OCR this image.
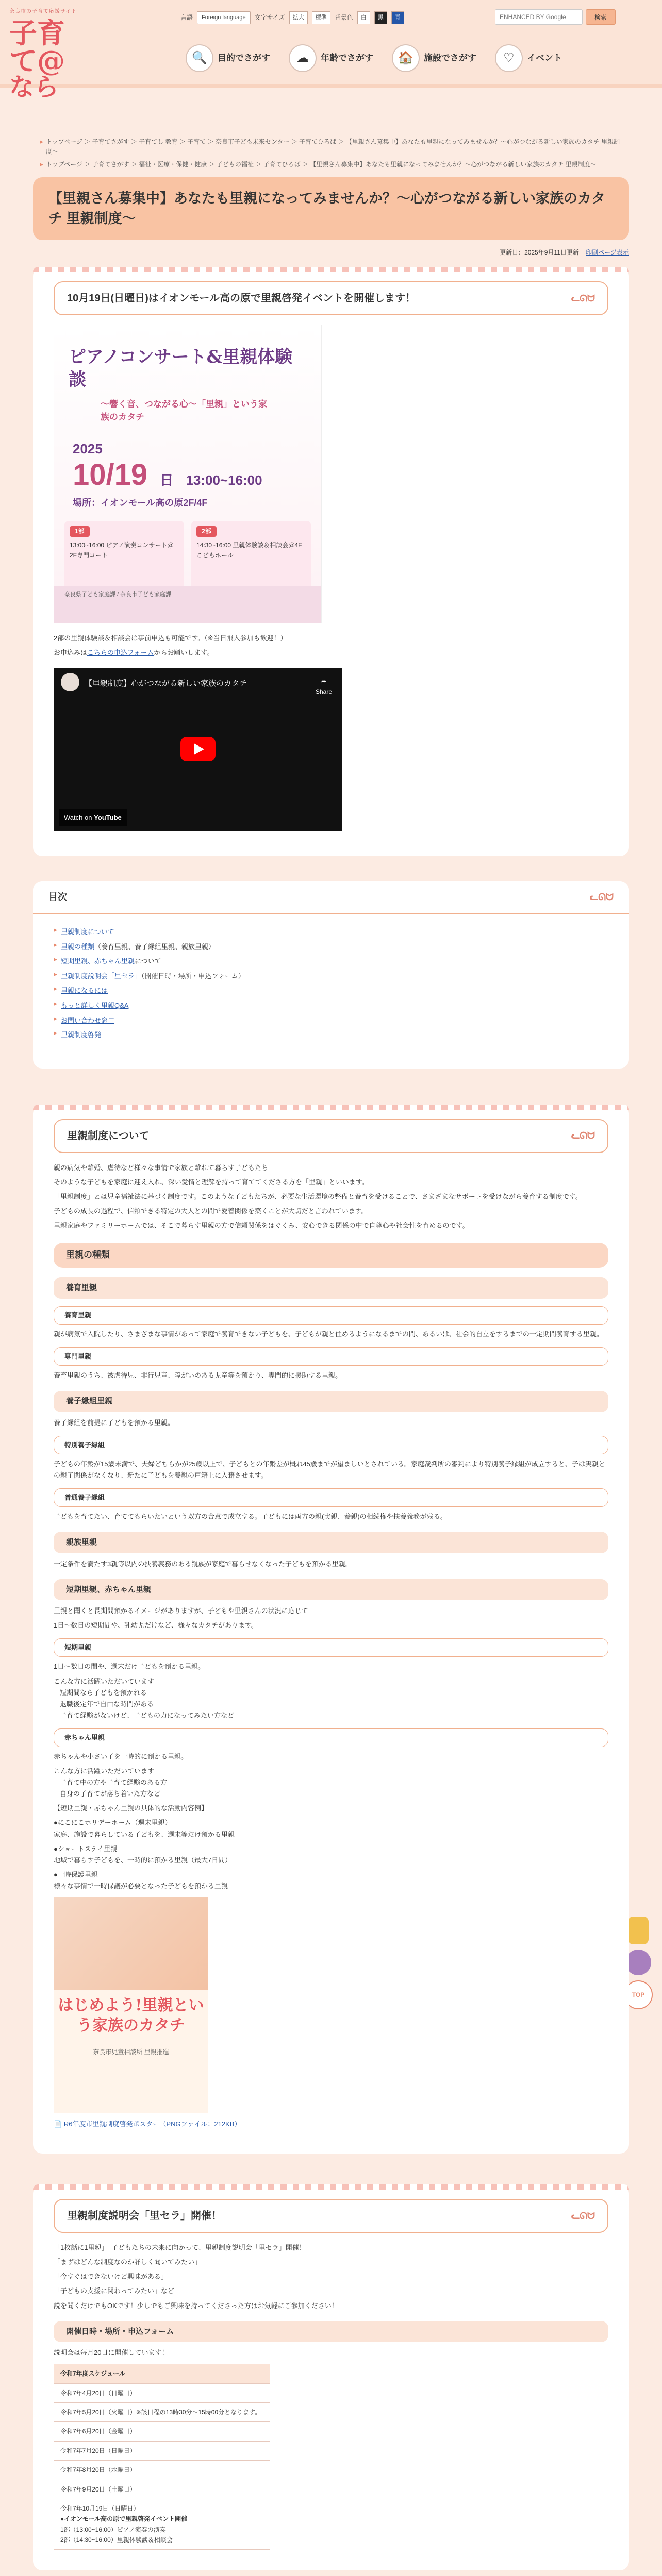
奈良市の子育て応援サイト
子育て@
なら
言語	Foreign language	文字サイズ	拡大	標準	背景色	白	黒	青
ENHANCED BY Google	検索
🔍	目的でさがす	☁	年齢でさがす	🏠	施設でさがす	♡	イベント
TOP

▶ トップページ ＞ 子育てさがす ＞ 子育てし 教育 ＞ 子育て ＞ 奈良市子ども未来センター ＞ 子育てひろば ＞ 【里親さん募集中】あなたも里親になってみませんか？～心がつながる新しい家族のカタチ 里親制度～

▶ トップページ ＞ 子育てさがす ＞ 福祉・医療・保健・健康 ＞ 子どもの福祉 ＞ 子育てひろば ＞ 【里親さん募集中】あなたも里親になってみませんか？～心がつながる新しい家族のカタチ 里親制度～

【里親さん募集中】あなたも里親になってみませんか？～心がつながる新しい家族のカタチ 里親制度～
更新日：2025年9月11日更新 印刷ページ表示
10月19日(日曜日)はイオンモール高の原で里親啓発イベントを開催します！	ᓚᘏᗢ
ピアノコンサート&里親体験談
～響く音、つながる心～「里親」という家族のカタチ
2025
10/19 日 13:00~16:00
場所：イオンモール高の原2F/4F
1部
13:00~16:00 ピアノ演奏コンサート＠2F専門コート
2部
14:30~16:00 里親体験談＆相談会＠4Fこどもホール
奈良県子ども家庭課 / 奈良市子ども家庭課

2部の里親体験談＆相談会は事前申込も可能です。（※当日飛入参加も歓迎！）

お申込みはこちらの申込フォームからお願いします。

【里親制度】心がつながる新しい家族のカタチ	➦
Share
Watch on YouTube
目次	ᓚᘏᗢ
▶ 里親制度について
▶ 里親の種類（養育里親、養子縁組里親、親族里親）
▶ 短期里親、赤ちゃん里親について
▶ 里親制度説明会「里セラ」（開催日時・場所・申込フォーム）
▶ 里親になるには
▶ もっと詳しく里親Q&A
▶ お問い合わせ窓口
▶ 里親制度啓発
里親制度について	ᓚᘏᗢ

親の病気や離婚、虐待など様々な事情で家族と離れて暮らす子どもたち

そのような子どもを家庭に迎え入れ、深い愛情と理解を持って育ててくださる方を「里親」といいます。

「里親制度」とは児童福祉法に基づく制度です。このような子どもたちが、必要な生活環境の整備と養育を受けることで、さまざまなサポートを受けながら養育する制度です。

子どもの成長の過程で、信頼できる特定の大人との間で愛着関係を築くことが大切だと言われています。

里親家庭やファミリーホームでは、そこで暮らす里親の方で信頼関係をはぐくみ、安心できる関係の中で自尊心や社会性を育めるのです。

里親の種類
養育里親
養育里親

親が病気で入院したり、さまざまな事情があって家庭で養育できない子どもを、子どもが親と住めるようになるまでの間、あるいは、社会的自立をするまでの一定期間養育する里親。

専門里親

養育里親のうち、被虐待児、非行児童、障がいのある児童等を預かり、専門的に援助する里親。

養子縁組里親

養子縁組を前提に子どもを預かる里親。

特別養子縁組

子どもの年齢が15歳未満で、夫婦どちらかが25歳以上で、子どもとの年齢差が概ね45歳までが望ましいとされている。家庭裁判所の審判により特別養子縁組が成立すると、子は実親との親子関係がなくなり、新たに子どもを養親の戸籍上に入籍させます。

普通養子縁組

子どもを育てたい、育ててもらいたいという双方の合意で成立する。子どもには両方の親(実親、養親)の相続権や扶養義務が残る。

親族里親

一定条件を満たす3親等以内の扶養義務のある親族が家庭で暮らせなくなった子どもを預かる里親。

短期里親、赤ちゃん里親

里親と聞くと長期間預かるイメージがありますが、子どもや里親さんの状況に応じて

1日～数日の短期間や、乳幼児だけなど、様々なカタチがあります。

短期里親

1日～数日の間や、週末だけ子どもを預かる里親。

こんな方に活躍いただいています

短期間なら子どもを預かれる

退職後定年で自由な時間がある

子育て経験がないけど、子どもの力になってみたい方など

赤ちゃん里親

赤ちゃんや小さい子を一時的に預かる里親。

こんな方に活躍いただいています

子育て中の方や子育て経験のある方

自身の子育てが落ち着いた方など

【短期里親・赤ちゃん里親の具体的な活動内容例】

●にこにこホリデーホーム（週末里親）

家庭、施設で暮らしている子どもを、週末等だけ預かる里親

●ショートステイ里親

地域で暮らす子どもを、一時的に預かる里親（最大7日間）

●一時保護里親

様々な事情で一時保護が必要となった子どもを預かる里親

はじめよう!里親という家族のカタチ
奈良市児童相談所 里親推進

📄 R6年度市里親制度啓発ポスター（PNGファイル：212KB）

里親制度説明会「里セラ」開催！	ᓚᘏᗢ

「1枚話に1里親」　子どもたちの未来に向かって、里親制度説明会「里セラ」開催！

「まずはどんな制度なのか詳しく聞いてみたい」

「今すぐはできないけど興味がある」

「子どもの支援に関わってみたい」など

説を聞くだけでもOKです！少しでもご興味を持ってくださった方はお気軽にご参加ください！

開催日時・場所・申込フォーム

説明会は毎月20日に開催しています！

令和7年度スケジュール
令和7年4月20日（日曜日）
令和7年5月20日（火曜日）※該日程の13時30分～15時00分となります。
令和7年6月20日（金曜日）
令和7年7月20日（日曜日）
令和7年8月20日（水曜日）
令和7年9月20日（土曜日）

令和7年10月19日（日曜日）
●イオンモール高の原で里親啓発イベント開催
1部（13:00~16:00）ピアノ演奏の演奏
2部（14:30~16:00）里親体験談＆相談会
